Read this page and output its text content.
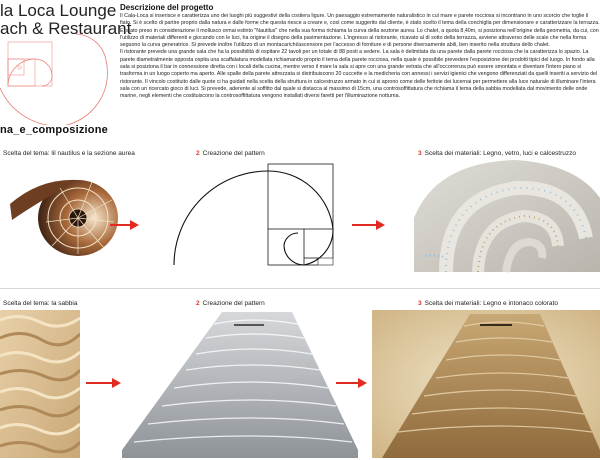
la Loca Lounge
ach & Restaurant
na_e_composizione
Descrizione del progetto

Il Cala-Loca si inserisce e caratterizza uno dei luoghi più suggestivi della costiera ligure. Un paesaggio estremamente naturalistico in cui mare e parete rocciosa si incontrano in uno scorcio che toglie il fiato. Si è scelto di partire proprio dalla natura e dalle forme che questa riesce a creare e, così come suggerito dal cliente, è stato scelto il tema della conchiglia per dimensionare e caratterizzare la terrazza. E' stato preso in considerazione il mollusco ormai estinto "Nautilus" che nella sua forma richiama la curva della sezione aurea. Lo chalet, a quota 8,40m, si posiziona nell'origine della geometria, da cui, con l'utilizzo di materiali differenti e giocando con le luci, ha origine il disegno della pavimentazione. L'ingresso al ristorante, ricavato al di sotto della terrazza, avviene attraverso delle scale che nella forma seguono la curva generatrice. Si prevede inoltre l'utilizzo di un montacarichi/ascensore per l'accesso di forniture e di persone diversamente abili, ben inserito nella struttura dello chalet.

Il ristorante prevede una grande sala che ha la possibilità di ospitare 22 tavoli per un totale di 88 posti a sedere. La sala è delimitata da una parete dalla parete rocciosa che la caratterizza lo spazio. La parete diametralmente opposta ospita una scaffalatura modellata richiamando proprio il tema della parete rocciosa, nella quale è possibile prevedere l'esposizione dei prodotti tipici del luogo. In fondo alla sala si posiziona il bar in connessione diretta con i locali della cucina, mentre verso il mare la sala si apre con una grande vetrata che all'occorrenza può essere smontata e diventare l'intero piano si trasforma in un luogo coperto ma aperto. Alle spalle della parete attrezzata si distribuiscono 20 cuccette e la medicheria con annessi i servizi igienici che vengono differenziati da quelli inseriti a servizio del ristorante. Il vincolo costituito dalle quote ci ha guidati nella scelta della struttura in calcestruzzo armato in cui si aprono come delle feritoie dei lucernai per permettere alla luce naturale di illuminare l'intera sala con un ricercato gioco di luci. Si prevede, aderente al soffitto dal quale si distacca al massimo di 15cm, una controsoffittatura che richiama il tema della sabbia modellata dal movimento delle onde marine, negli elementi che costituiscono la controsoffittatura vengono installati diversi faretti per l'illuminazione notturna.

Scelta del tema: lil nautilus e la sezione aurea	2 Creazione del pattern	3 Scelta dei materiali: Legno, vetro, luci e calcestruzzo
Scelta del tema: la sabbia	2 Creazione del pattern	3 Scelta dei materiali: Legno e intonaco colorato
